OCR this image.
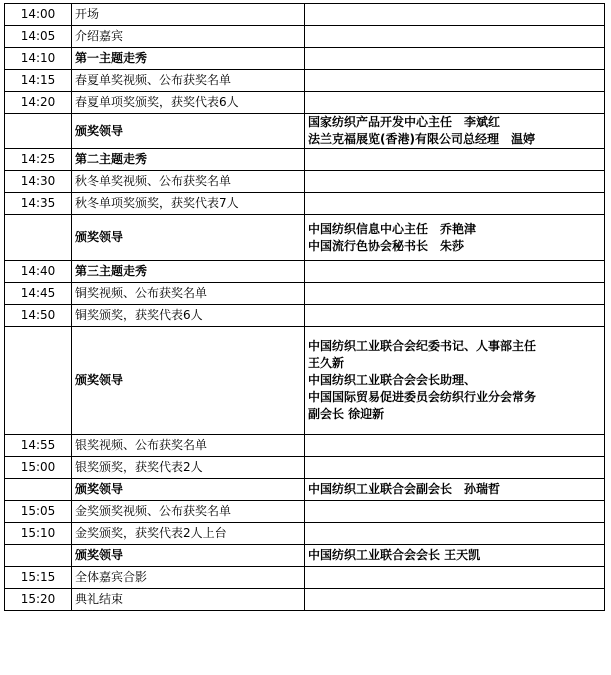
14:00	开场	
14:05	介绍嘉宾	
14:10	第一主题走秀	
14:15	春夏单奖视频、公布获奖名单	
14:20	春夏单项奖颁奖，获奖代表6人	
	颁奖领导	国家纺织产品开发中心主任　李斌红
法兰克福展览(香港)有限公司总经理　温婷

14:25	第二主题走秀	
14:30	秋冬单奖视频、公布获奖名单	
14:35	秋冬单项奖颁奖，获奖代表7人	
	颁奖领导	中国纺织信息中心主任　乔艳津
中国流行色协会秘书长　朱莎

14:40	第三主题走秀	
14:45	铜奖视频、公布获奖名单	
14:50	铜奖颁奖，获奖代表6人	
	颁奖领导	中国纺织工业联合会纪委书记、人事部主任
王久新
中国纺织工业联合会会长助理、
中国国际贸易促进委员会纺织行业分会常务
副会长 徐迎新

14:55	银奖视频、公布获奖名单	
15:00	银奖颁奖，获奖代表2人	
	颁奖领导	中国纺织工业联合会副会长　孙瑞哲

15:05	金奖颁奖视频、公布获奖名单	
15:10	金奖颁奖，获奖代表2人上台	
	颁奖领导	中国纺织工业联合会会长 王天凯

15:15	全体嘉宾合影	
15:20	典礼结束	
